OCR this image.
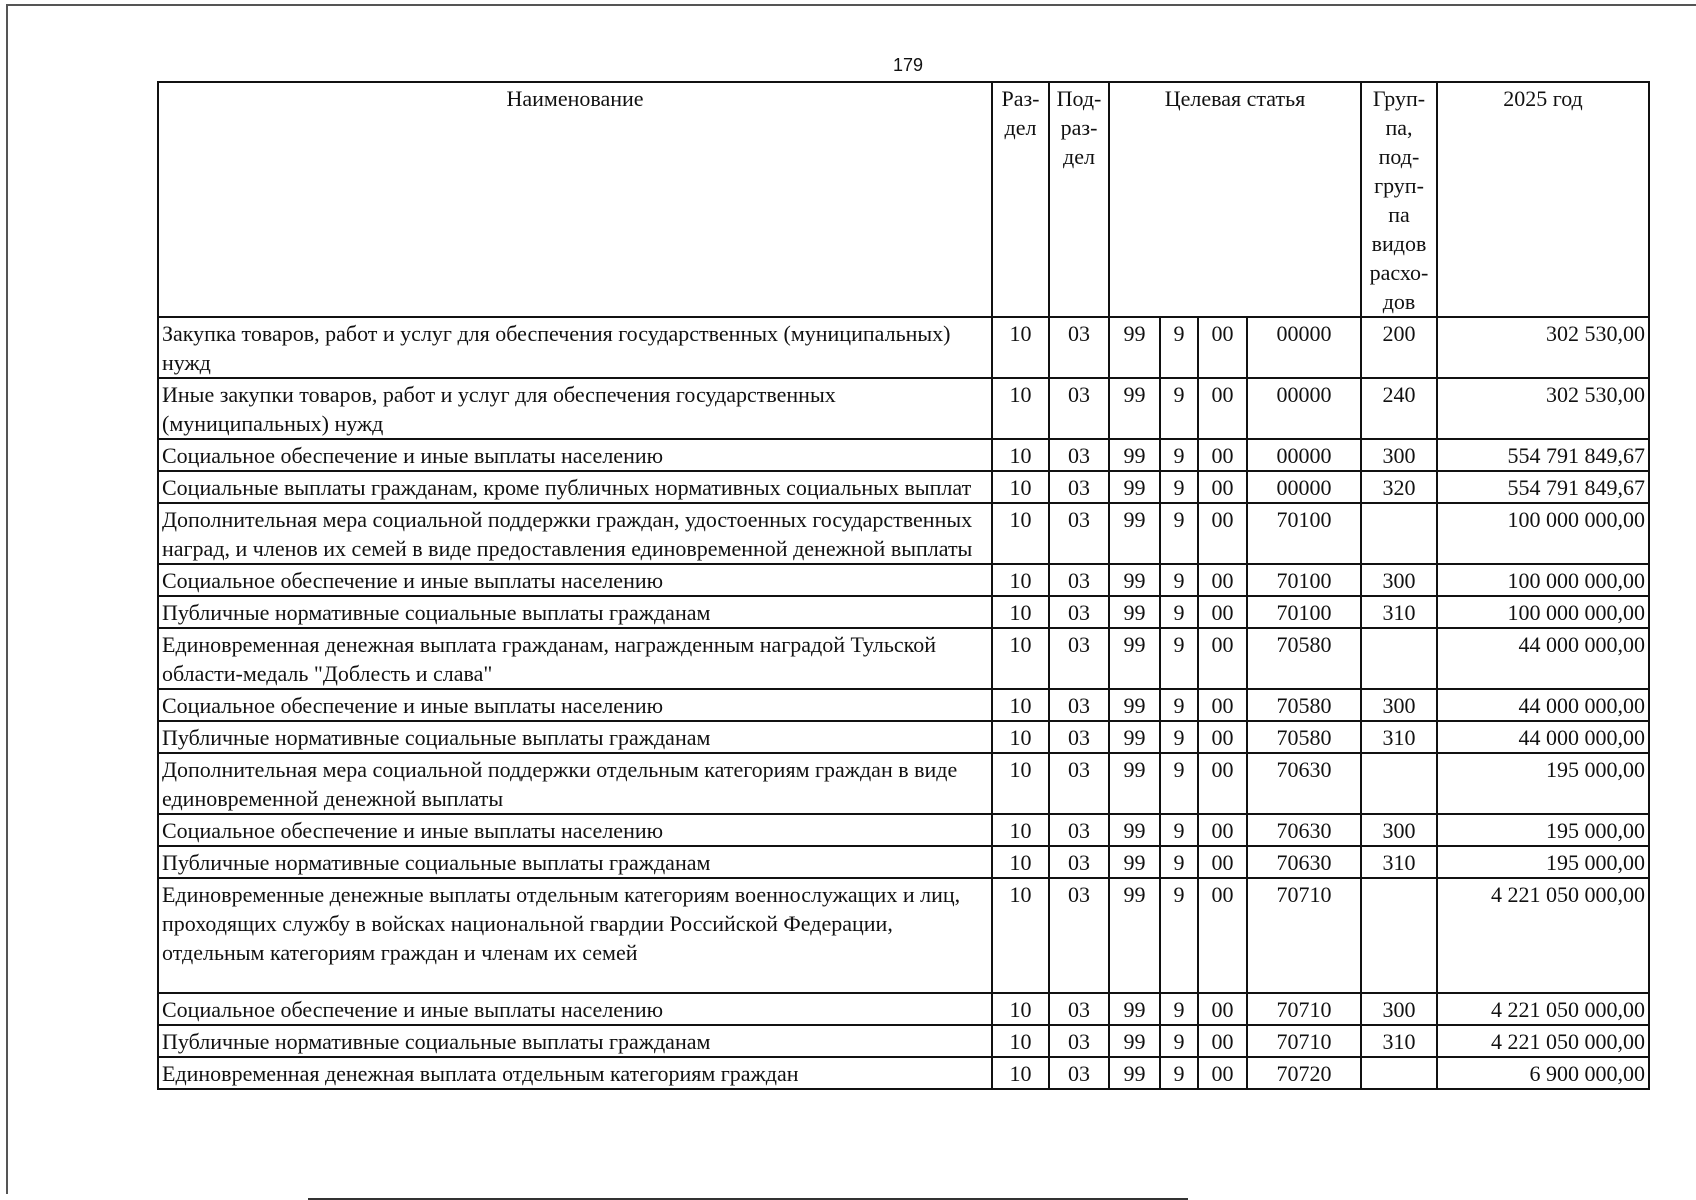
179
Наименование	Раз-дел	Под-раз-дел	Целевая статья				Груп-па, под-груп-па видов расхо-дов	2025 год
Закупка товаров, работ и услуг для обеспечения государственных (муниципальных) нужд	10	03	99	9	00	00000	200	302 530,00
Иные закупки товаров, работ и услуг для обеспечения государственных (муниципальных) нужд	10	03	99	9	00	00000	240	302 530,00
Социальное обеспечение и иные выплаты населению	10	03	99	9	00	00000	300	554 791 849,67
Социальные выплаты гражданам, кроме публичных нормативных социальных выплат	10	03	99	9	00	00000	320	554 791 849,67
Дополнительная мера социальной поддержки граждан, удостоенных государственных наград, и членов их семей в виде предоставления единовременной денежной выплаты	10	03	99	9	00	70100		100 000 000,00
Социальное обеспечение и иные выплаты населению	10	03	99	9	00	70100	300	100 000 000,00
Публичные нормативные социальные выплаты гражданам	10	03	99	9	00	70100	310	100 000 000,00
Единовременная денежная выплата гражданам, награжденным наградой Тульской области-медаль "Доблесть и слава"	10	03	99	9	00	70580		44 000 000,00
Социальное обеспечение и иные выплаты населению	10	03	99	9	00	70580	300	44 000 000,00
Публичные нормативные социальные выплаты гражданам	10	03	99	9	00	70580	310	44 000 000,00
Дополнительная мера социальной поддержки отдельным категориям граждан в виде единовременной денежной выплаты	10	03	99	9	00	70630		195 000,00
Социальное обеспечение и иные выплаты населению	10	03	99	9	00	70630	300	195 000,00
Публичные нормативные социальные выплаты гражданам	10	03	99	9	00	70630	310	195 000,00
Единовременные денежные выплаты отдельным категориям военнослужащих и лиц, проходящих службу в войсках национальной гвардии Российской Федерации, отдельным категориям граждан и членам их семей	10	03	99	9	00	70710		4 221 050 000,00
Социальное обеспечение и иные выплаты населению	10	03	99	9	00	70710	300	4 221 050 000,00
Публичные нормативные социальные выплаты гражданам	10	03	99	9	00	70710	310	4 221 050 000,00
Единовременная денежная выплата отдельным категориям граждан	10	03	99	9	00	70720		6 900 000,00
